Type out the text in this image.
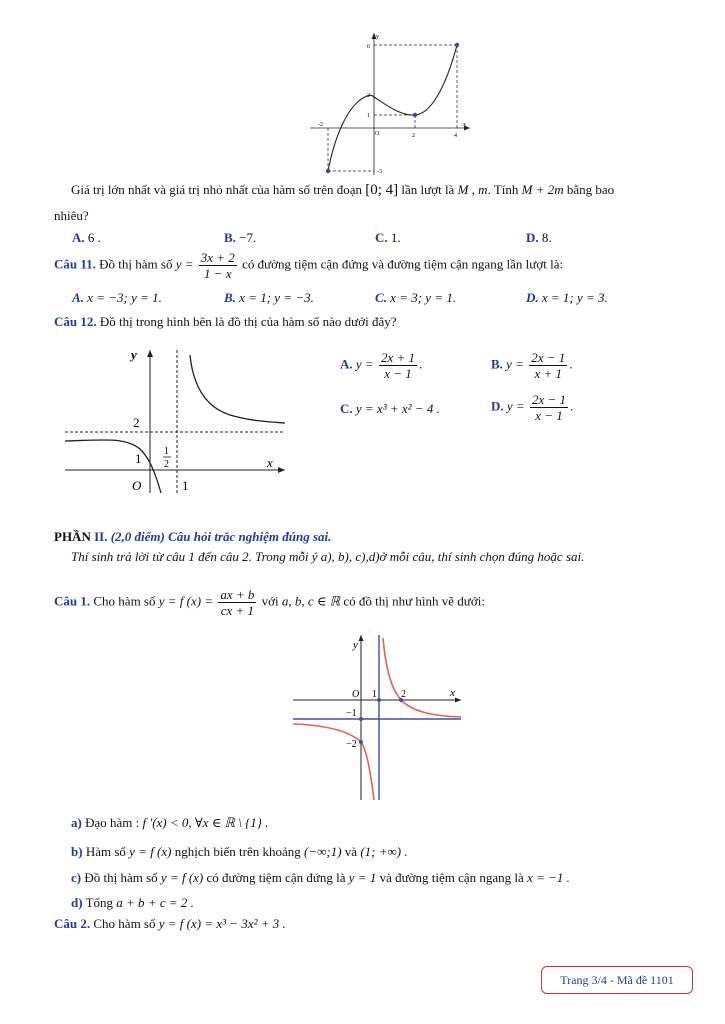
y
x
6
2
1
-3
-2
2	4
O
Giá trị lớn nhất và giá trị nhỏ nhất của hàm số trên đoạn [0; 4] lần lượt là M , m. Tính M + 2m bằng bao
nhiêu?
A. 6 .	B. −7.	C. 1.	D. 8.
Câu 11. Đồ thị hàm số $y = \frac{3x + 2}{1 - x}$ có đường tiệm cận đứng và đường tiệm cận ngang lần lượt là:
A. x = −3; y = 1.	B. x = 1; y = −3.	C. x = 3; y = 1.	D. x = 1; y = 3.
Câu 12. Đồ thị trong hình bên là đồ thị của hàm số nào dưới đây?
y
x
2
1 1
2
O	1
A. $y = \frac{2x + 1}{x - 1}$ .	B. $y = \frac{2x - 1}{x + 1}$ .
C. y = x³ + x² − 4 .	D. $y = \frac{2x - 1}{x - 1}$ .
PHẦN II. (2,0 điểm) Câu hỏi trắc nghiệm đúng sai.
Thí sinh trả lời từ câu 1 đến câu 2. Trong mỗi ý a), b), c),d)ở mỗi câu, thí sinh chọn đúng hoặc sai.
Câu 1. Cho hàm số y = f $(x) = \frac{ax + b}{cx + 1}$ với a, b, c ∈ ℝ có đồ thị như hình vẽ dưới:
y
x
O 1 2
−1
−2
a) Đạo hàm : f ′(x) < 0, ∀x ∈ ℝ \ {1} .
b) Hàm số y = f (x) nghịch biến trên khoảng (−∞;1) và (1; +∞) .
c) Đồ thị hàm số y = f (x) có đường tiệm cận đứng là y = 1 và đường tiệm cận ngang là x = −1 .
d) Tổng a + b + c = 2 .
Câu 2. Cho hàm số y = f (x) = x³ − 3x² + 3 .
Trang 3/4 - Mã đề 1101
